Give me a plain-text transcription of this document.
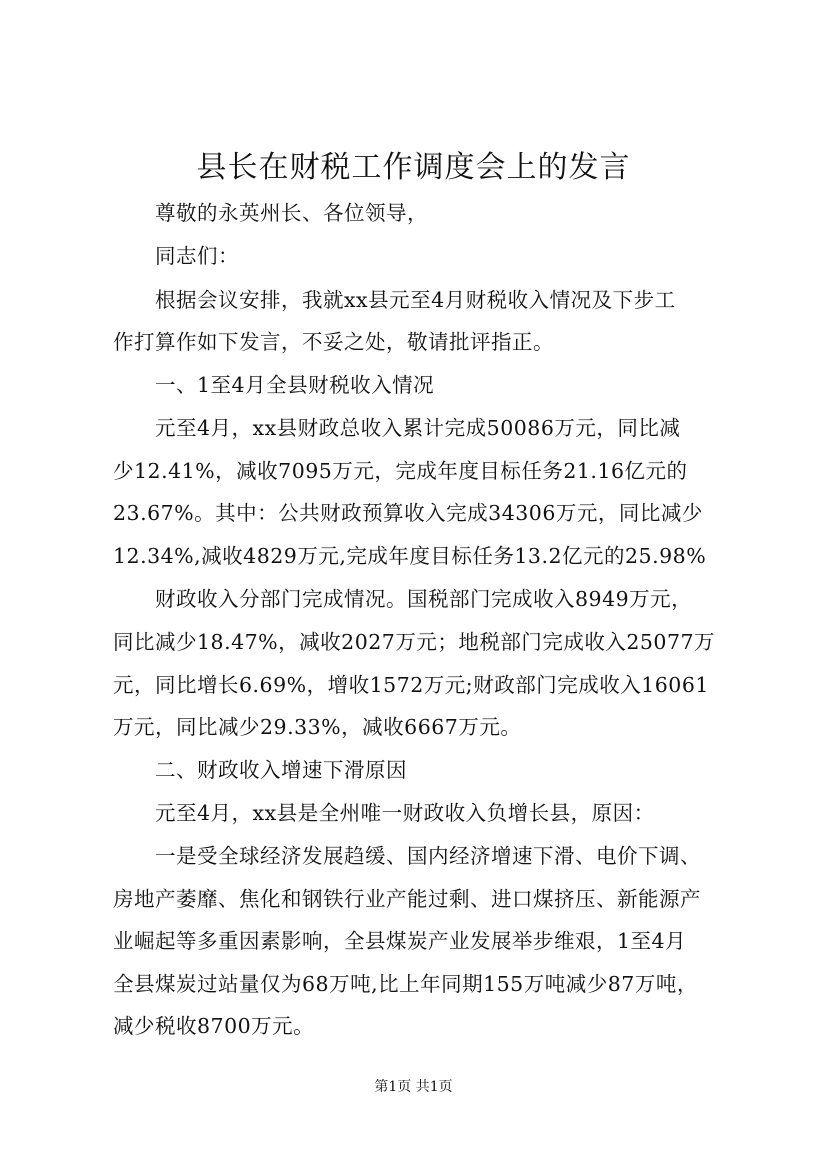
县长在财税工作调度会上的发言
尊敬的永英州长、各位领导，
同志们：
根据会议安排，我就xx县元至4月财税收入情况及下步工
作打算作如下发言，不妥之处，敬请批评指正。
一、1至4月全县财税收入情况
元至4月，xx县财政总收入累计完成50086万元，同比减
少12.41%，减收7095万元，完成年度目标任务21.16亿元的
23.67%。其中：公共财政预算收入完成34306万元，同比减少
12.34%,减收4829万元,完成年度目标任务13.2亿元的25.98%
财政收入分部门完成情况。国税部门完成收入8949万元，
同比减少18.47%，减收2027万元；地税部门完成收入25077万
元，同比增长6.69%，增收1572万元;财政部门完成收入16061
万元，同比减少29.33%，减收6667万元。
二、财政收入增速下滑原因
元至4月，xx县是全州唯一财政收入负增长县，原因：
一是受全球经济发展趋缓、国内经济增速下滑、电价下调、
房地产萎靡、焦化和钢铁行业产能过剩、进口煤挤压、新能源产
业崛起等多重因素影响，全县煤炭产业发展举步维艰，1至4月
全县煤炭过站量仅为68万吨,比上年同期155万吨减少87万吨，
减少税收8700万元。
第1页 共1页
